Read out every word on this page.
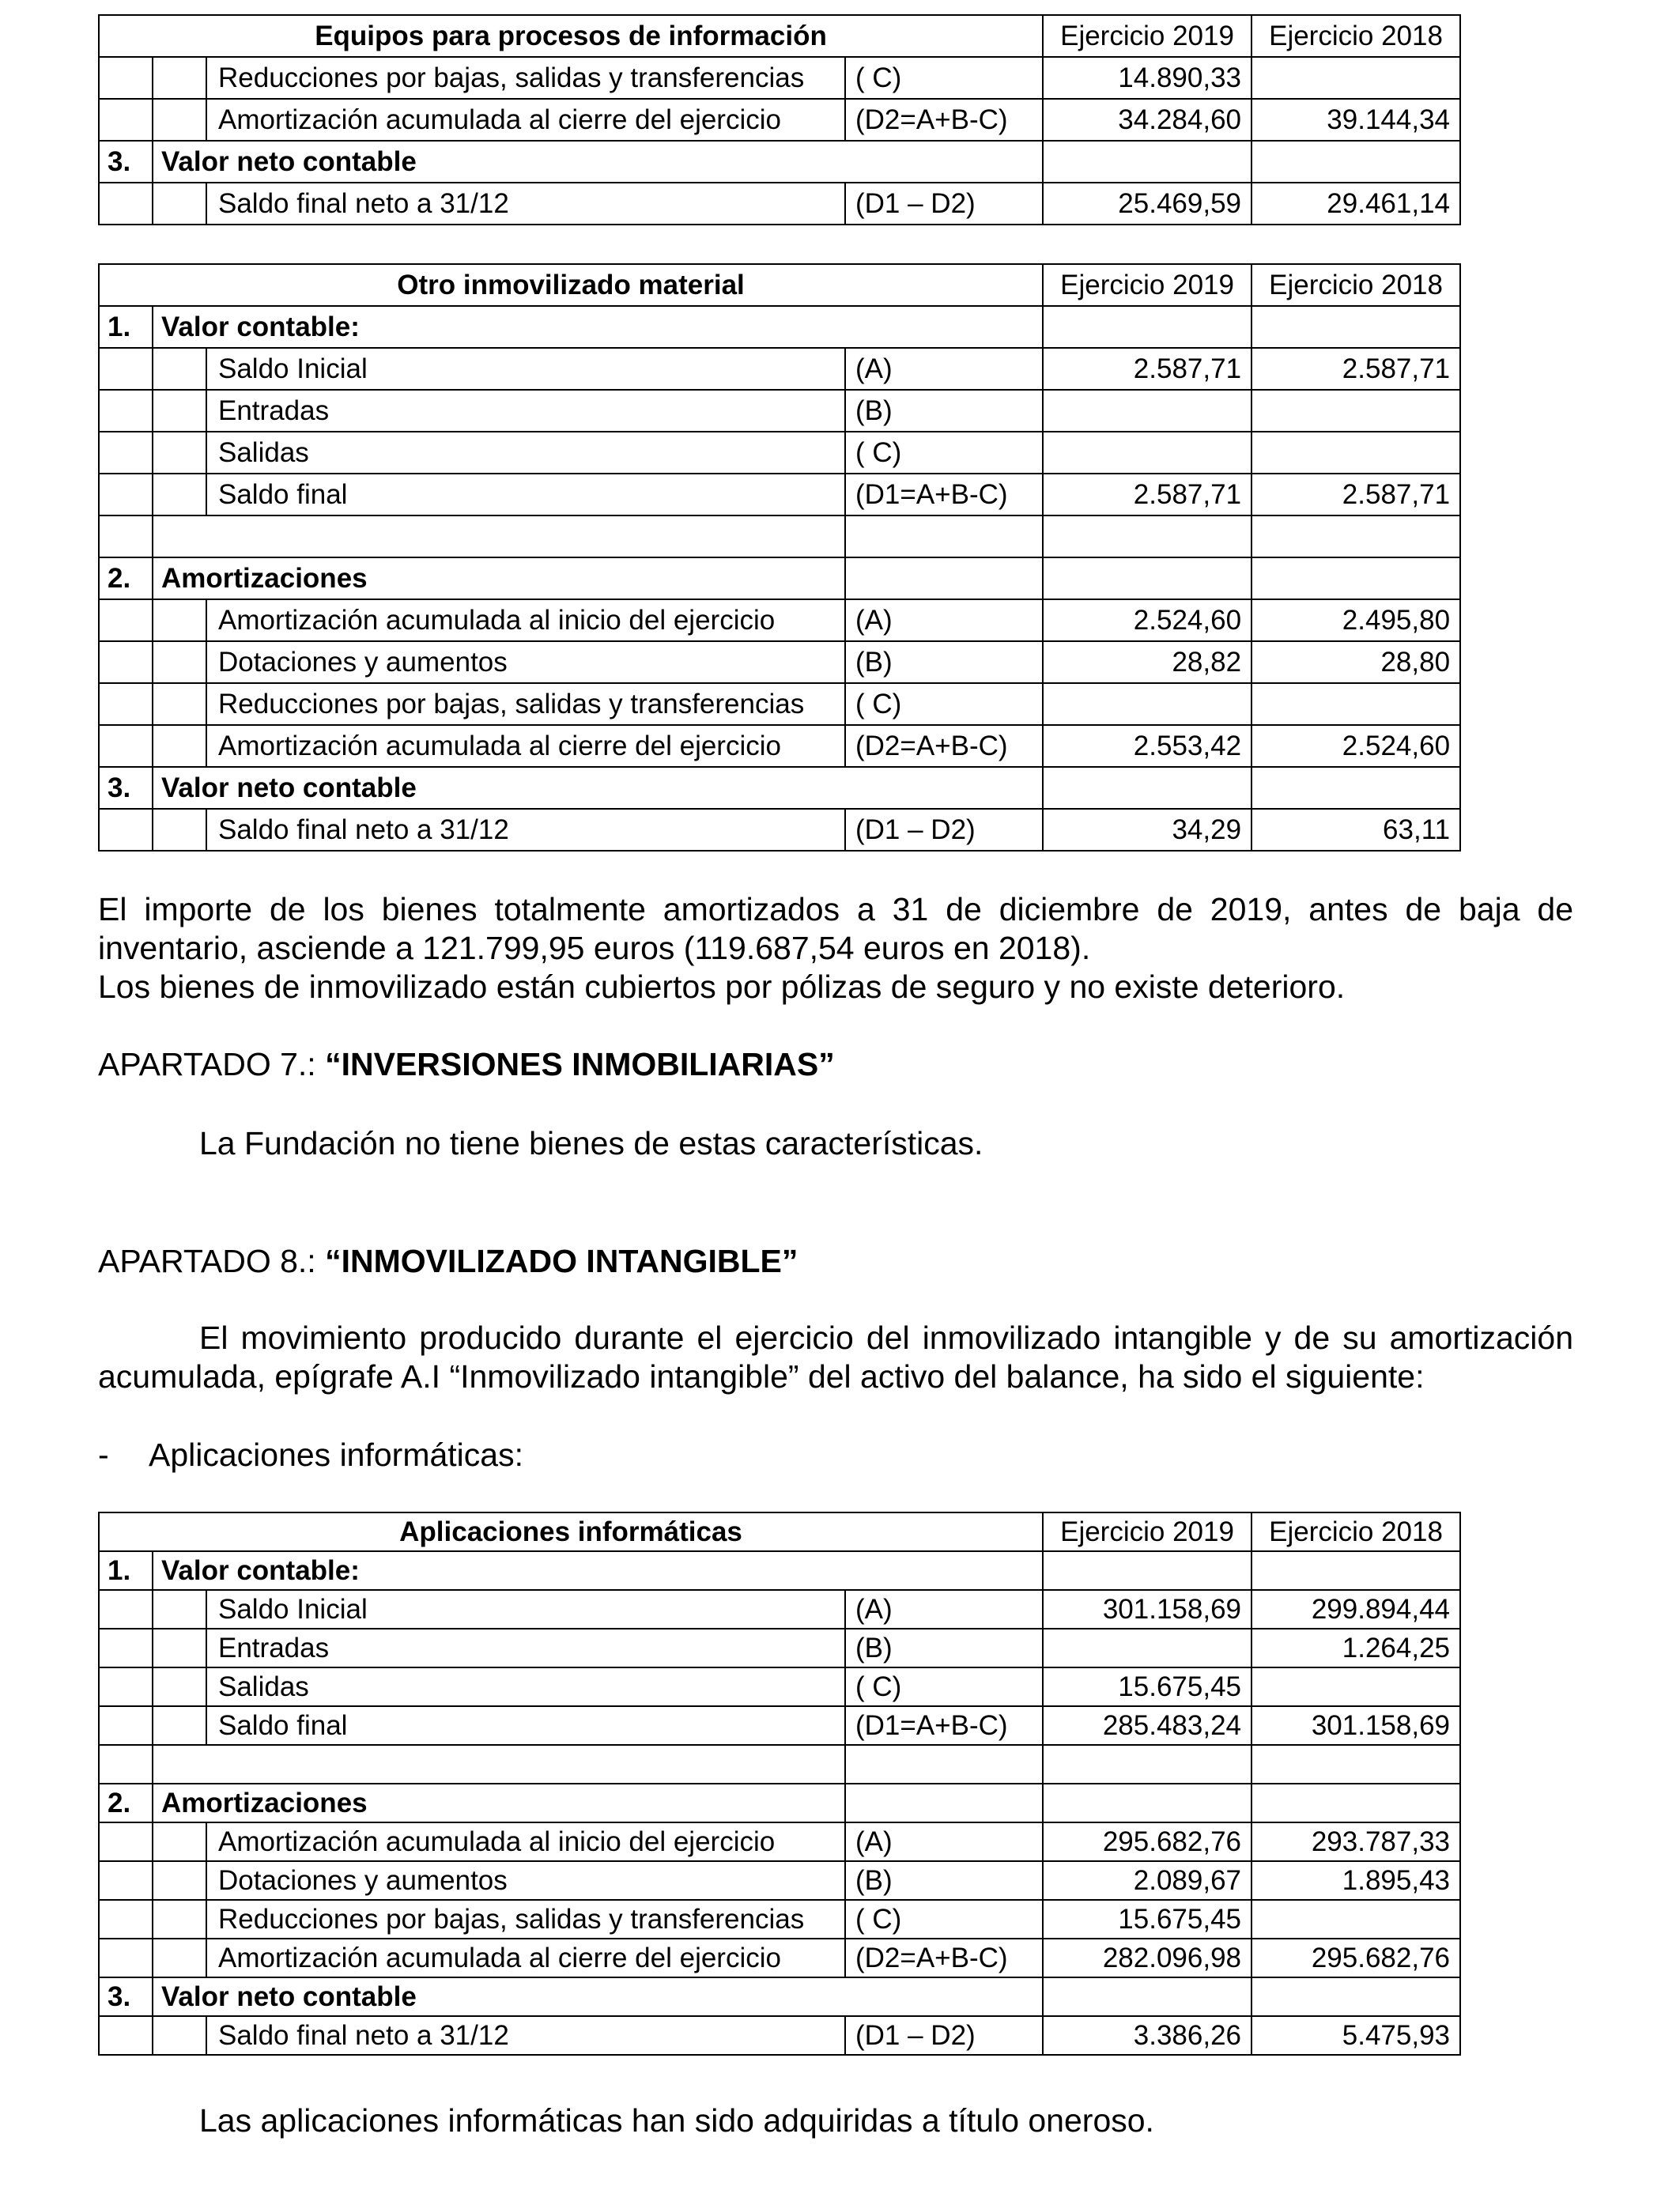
Equipos para procesos de información				Ejercicio 2019	Ejercicio 2018
		Reducciones por bajas, salidas y transferencias	( C)	14.890,33	
		Amortización acumulada al cierre del ejercicio	(D2=A+B-C)	34.284,60	39.144,34
3.	Valor neto contable				
		Saldo final neto a 31/12	(D1 – D2)	25.469,59	29.461,14
Otro inmovilizado material				Ejercicio 2019	Ejercicio 2018
1.	Valor contable:				
		Saldo Inicial	(A)	2.587,71	2.587,71
		Entradas	(B)		
		Salidas	( C)		
		Saldo final	(D1=A+B-C)	2.587,71	2.587,71

2.	Amortizaciones				
		Amortización acumulada al inicio del ejercicio	(A)	2.524,60	2.495,80
		Dotaciones y aumentos	(B)	28,82	28,80
		Reducciones por bajas, salidas y transferencias	( C)		
		Amortización acumulada al cierre del ejercicio	(D2=A+B-C)	2.553,42	2.524,60
3.	Valor neto contable				
		Saldo final neto a 31/12	(D1 – D2)	34,29	63,11

El importe de los bienes totalmente amortizados a 31 de diciembre de 2019, antes de baja de inventario, asciende a 121.799,95 euros (119.687,54 euros en 2018).

Los bienes de inmovilizado están cubiertos por pólizas de seguro y no existe deterioro.

APARTADO 7.: “INVERSIONES INMOBILIARIAS”

La Fundación no tiene bienes de estas características.

APARTADO 8.: “INMOVILIZADO INTANGIBLE”

El movimiento producido durante el ejercicio del inmovilizado intangible y de su amortización acumulada, epígrafe A.I “Inmovilizado intangible” del activo del balance, ha sido el siguiente:

- Aplicaciones informáticas:

Aplicaciones informáticas				Ejercicio 2019	Ejercicio 2018
1.	Valor contable:				
		Saldo Inicial	(A)	301.158,69	299.894,44
		Entradas	(B)		1.264,25
		Salidas	( C)	15.675,45	
		Saldo final	(D1=A+B-C)	285.483,24	301.158,69

2.	Amortizaciones				
		Amortización acumulada al inicio del ejercicio	(A)	295.682,76	293.787,33
		Dotaciones y aumentos	(B)	2.089,67	1.895,43
		Reducciones por bajas, salidas y transferencias	( C)	15.675,45	
		Amortización acumulada al cierre del ejercicio	(D2=A+B-C)	282.096,98	295.682,76
3.	Valor neto contable				
		Saldo final neto a 31/12	(D1 – D2)	3.386,26	5.475,93

Las aplicaciones informáticas han sido adquiridas a título oneroso.
